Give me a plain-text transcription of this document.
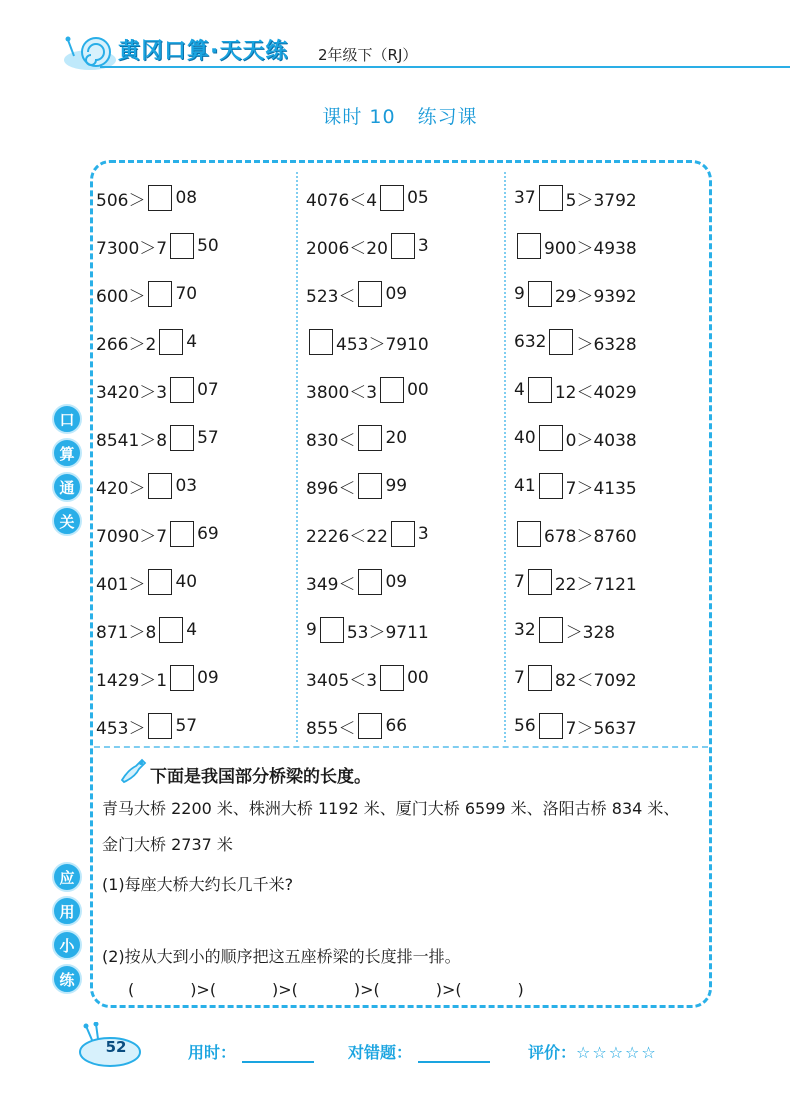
黄冈口算·天天练 2年级下（RJ）
课时 10 练习课
口
算
通
关
应
用
小
练
506＞ 08
7300＞7 50
600＞ 70
266＞2 4
3420＞3 07
8541＞8 57
420＞ 03
7090＞7 69
401＞ 40
871＞8 4
1429＞1 09
453＞ 57
4076＜4 05
2006＜20 3
523＜ 09
453＞7910
3800＜3 00
830＜ 20
896＜ 99
2226＜22 3
349＜ 09
9 53＞9711
3405＜3 00
855＜ 66
37 5＞3792
900＞4938
9 29＞9392
632 ＞6328
4 12＜4029
40 0＞4038
41 7＞4135
678＞8760
7 22＞7121
32 ＞328
7 82＜7092
56 7＞5637
下面是我国部分桥梁的长度。
青马大桥 2200 米、株洲大桥 1192 米、厦门大桥 6599 米、洛阳古桥 834 米、
金门大桥 2737 米
(1)每座大桥大约长几千米?
(2)按从大到小的顺序把这五座桥梁的长度排一排。
(           )>(           )>(           )>(           )>(           )
52	用时：	对错题：	评价：☆☆☆☆☆
